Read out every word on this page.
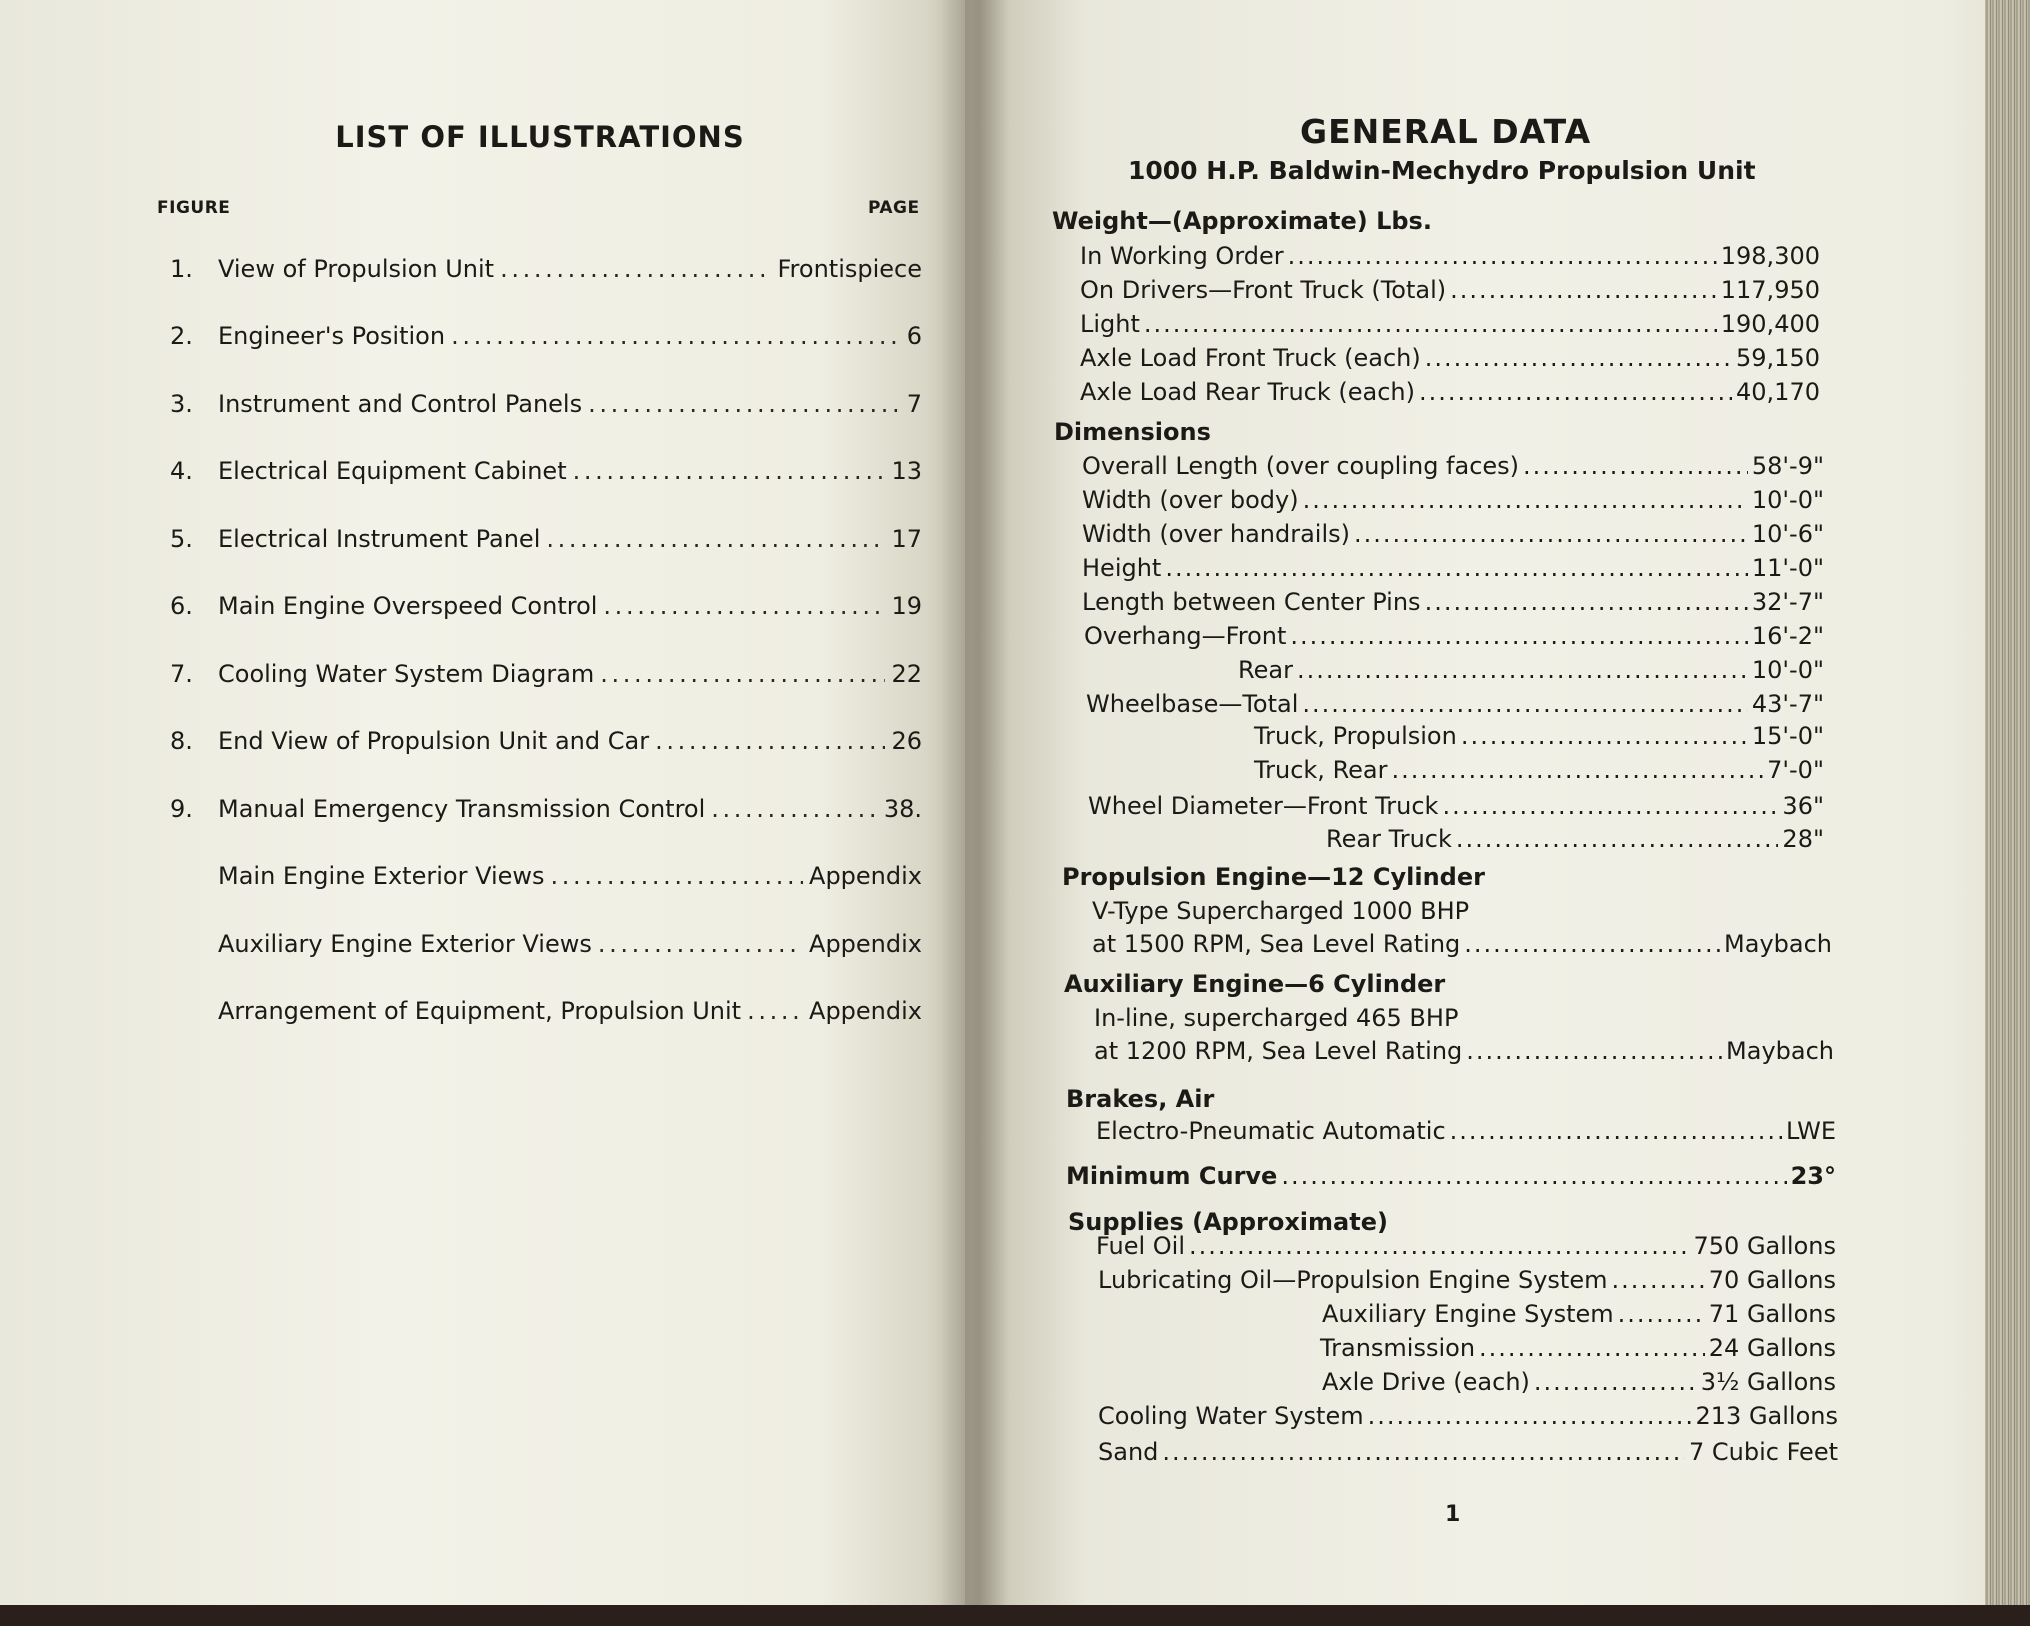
LIST OF ILLUSTRATIONS
FIGURE	PAGE
1.	View of Propulsion Unit . . .	Frontispiece
2.	Engineer's Position . . .	6
3.	Instrument and Control Panels . . .	7
4.	Electrical Equipment Cabinet . . .	13
5.	Electrical Instrument Panel . . .	17
6.	Main Engine Overspeed Control . . .	19
7.	Cooling Water System Diagram . . .	22
8.	End View of Propulsion Unit and Car . . .	26
9.	Manual Emergency Transmission Control . . .	38.
Main Engine Exterior Views . . .	Appendix
Auxiliary Engine Exterior Views . . .	Appendix
Arrangement of Equipment, Propulsion Unit . . .	Appendix
GENERAL DATA
1000 H.P. Baldwin-Mechydro Propulsion Unit
Weight—(Approximate) Lbs.
In Working Order .....	198,300
On Drivers—Front Truck (Total) .....	117,950
Light .....	190,400
Axle Load Front Truck (each) .....	59,150
Axle Load Rear Truck (each) .....	40,170
Dimensions
Overall Length (over coupling faces) .....	58'-9"
Width (over body) .....	10'-0"
Width (over handrails) .....	10'-6"
Height .....	11'-0"
Length between Center Pins .....	32'-7"
Overhang—Front .....	16'-2"
Rear .....	10'-0"
Wheelbase—Total .....	43'-7"
Truck, Propulsion .....	15'-0"
Truck, Rear .....	7'-0"
Wheel Diameter—Front Truck .....	36"
Rear Truck .....	28"
Propulsion Engine—12 Cylinder
V-Type Supercharged 1000 BHP
at 1500 RPM, Sea Level Rating .....	Maybach
Auxiliary Engine—6 Cylinder
In-line, supercharged 465 BHP
at 1200 RPM, Sea Level Rating .....	Maybach
Brakes, Air
Electro-Pneumatic Automatic .....	LWE
Minimum Curve .....	23°
Supplies (Approximate)
Fuel Oil .....	750 Gallons
Lubricating Oil—Propulsion Engine System .....	70 Gallons
Auxiliary Engine System .....	71 Gallons
Transmission .....	24 Gallons
Axle Drive (each) .....	3½ Gallons
Cooling Water System .....	213 Gallons
Sand .....	7 Cubic Feet
1
